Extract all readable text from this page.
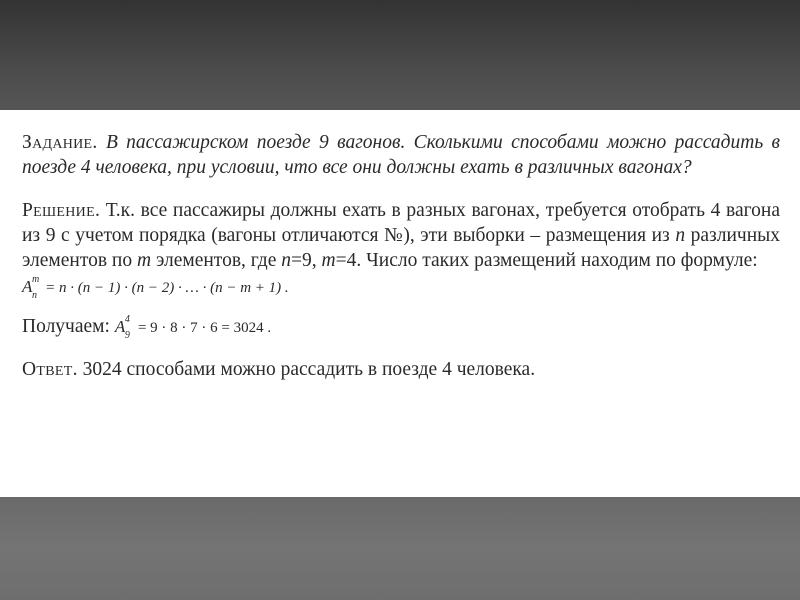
Задание. В пассажирском поезде 9 вагонов. Сколькими способами можно рассадить в поезде 4 человека, при условии, что все они должны ехать в различных вагонах?

Решение. Т.к. все пассажиры должны ехать в разных вагонах, требуется отобрать 4 вагона из 9 с учетом порядка (вагоны отличаются №), эти выборки – размещения из n различных элементов по m элементов, где n=9, m=4. Число таких размещений находим по формуле:

A m
n = n · (n − 1) · (n − 2) · … · (n − m + 1) .
Получаем: A 4
9 = 9 · 8 · 7 · 6 = 3024 .

Ответ. 3024 способами можно рассадить в поезде 4 человека.
